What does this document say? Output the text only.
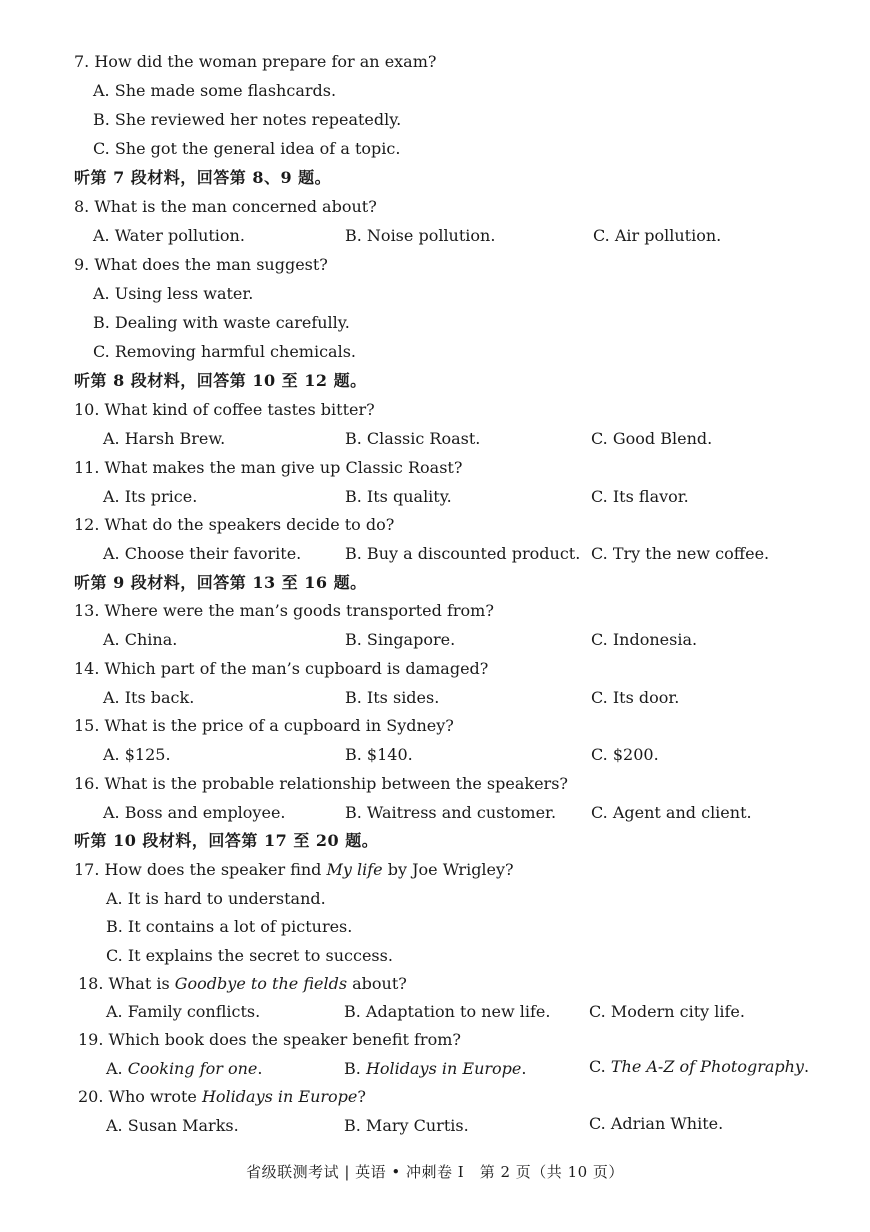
7. How did the woman prepare for an exam?
A. She made some flashcards.
B. She reviewed her notes repeatedly.
C. She got the general idea of a topic.
听第 7 段材料，回答第 8、9 题。
8. What is the man concerned about?
A. Water pollution.	B. Noise pollution.	C. Air pollution.
9. What does the man suggest?
A. Using less water.
B. Dealing with waste carefully.
C. Removing harmful chemicals.
听第 8 段材料，回答第 10 至 12 题。
10. What kind of coffee tastes bitter?
A. Harsh Brew.	B. Classic Roast.	C. Good Blend.
11. What makes the man give up Classic Roast?
A. Its price.	B. Its quality.	C. Its flavor.
12. What do the speakers decide to do?
A. Choose their favorite.	B. Buy a discounted product. C. Try the new coffee.
听第 9 段材料，回答第 13 至 16 题。
13. Where were the man’s goods transported from?
A. China.	B. Singapore.	C. Indonesia.
14. Which part of the man’s cupboard is damaged?
A. Its back.	B. Its sides.	C. Its door.
15. What is the price of a cupboard in Sydney?
A. $125.	B. $140.	C. $200.
16. What is the probable relationship between the speakers?
A. Boss and employee.	B. Waitress and customer. C. Agent and client.
听第 10 段材料，回答第 17 至 20 题。
17. How does the speaker find My life by Joe Wrigley?
A. It is hard to understand.
B. It contains a lot of pictures.
C. It explains the secret to success.
18. What is Goodbye to the fields about?
A. Family conflicts.	B. Adaptation to new life. C. Modern city life.
19. Which book does the speaker benefit from?
A. Cooking for one.	B. Holidays in Europe.	C. The A-Z of Photography.
20. Who wrote Holidays in Europe?
A. Susan Marks.	B. Mary Curtis.	C. Adrian White.
省级联测考试 | 英语 • 冲刺卷 Ⅰ　第 2 页（共 10 页）
